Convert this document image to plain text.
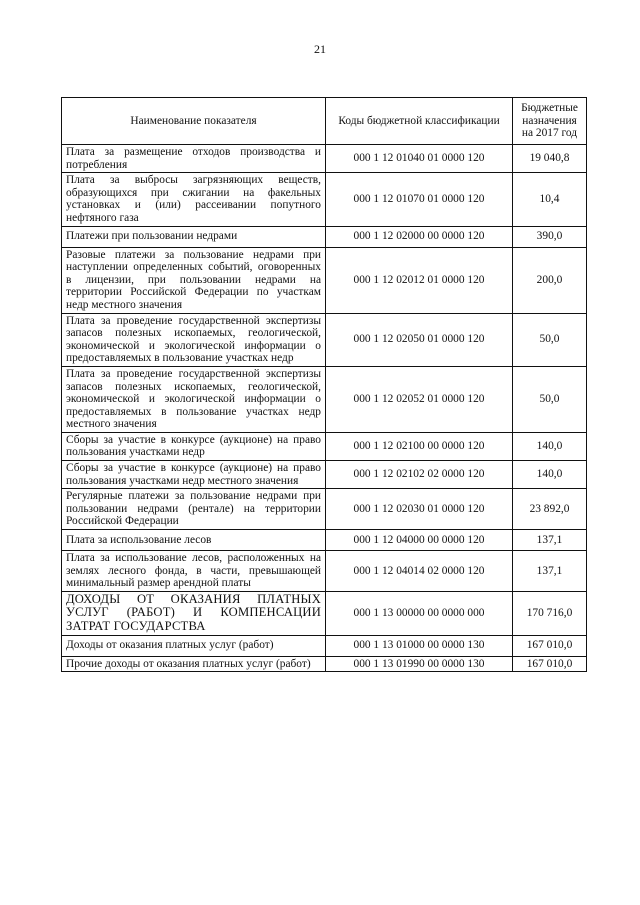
21
Наименование показателя	Коды бюджетной классификации	Бюджетные назначения на 2017 год
Плата за размещение отходов производства и потребления	000 1 12 01040 01 0000 120	19 040,8
Плата за выбросы загрязняющих веществ, образующихся при сжигании на факельных установках и (или) рассеивании попутного нефтяного газа	000 1 12 01070 01 0000 120	10,4
Платежи при пользовании недрами	000 1 12 02000 00 0000 120	390,0
Разовые платежи за пользование недрами при наступлении определенных событий, оговоренных в лицензии, при пользовании недрами на территории Российской Федерации по участкам недр местного значения	000 1 12 02012 01 0000 120	200,0
Плата за проведение государственной экспертизы запасов полезных ископаемых, геологической, экономической и экологической информации о предоставляемых в пользование участках недр	000 1 12 02050 01 0000 120	50,0
Плата за проведение государственной экспертизы запасов полезных ископаемых, геологической, экономической и экологической информации о предоставляемых в пользование участках недр местного значения	000 1 12 02052 01 0000 120	50,0
Сборы за участие в конкурсе (аукционе) на право пользования участками недр	000 1 12 02100 00 0000 120	140,0
Сборы за участие в конкурсе (аукционе) на право пользования участками недр местного значения	000 1 12 02102 02 0000 120	140,0
Регулярные платежи за пользование недрами при пользовании недрами (рентале) на территории Российской Федерации	000 1 12 02030 01 0000 120	23 892,0
Плата за использование лесов	000 1 12 04000 00 0000 120	137,1
Плата за использование лесов, расположенных на землях лесного фонда, в части, превышающей минимальный размер арендной платы	000 1 12 04014 02 0000 120	137,1
ДОХОДЫ ОТ ОКАЗАНИЯ ПЛАТНЫХ УСЛУГ (РАБОТ) И КОМПЕНСАЦИИ ЗАТРАТ ГОСУДАРСТВА	000 1 13 00000 00 0000 000	170 716,0
Доходы от оказания платных услуг (работ)	000 1 13 01000 00 0000 130	167 010,0
Прочие доходы от оказания платных услуг (работ)	000 1 13 01990 00 0000 130	167 010,0
